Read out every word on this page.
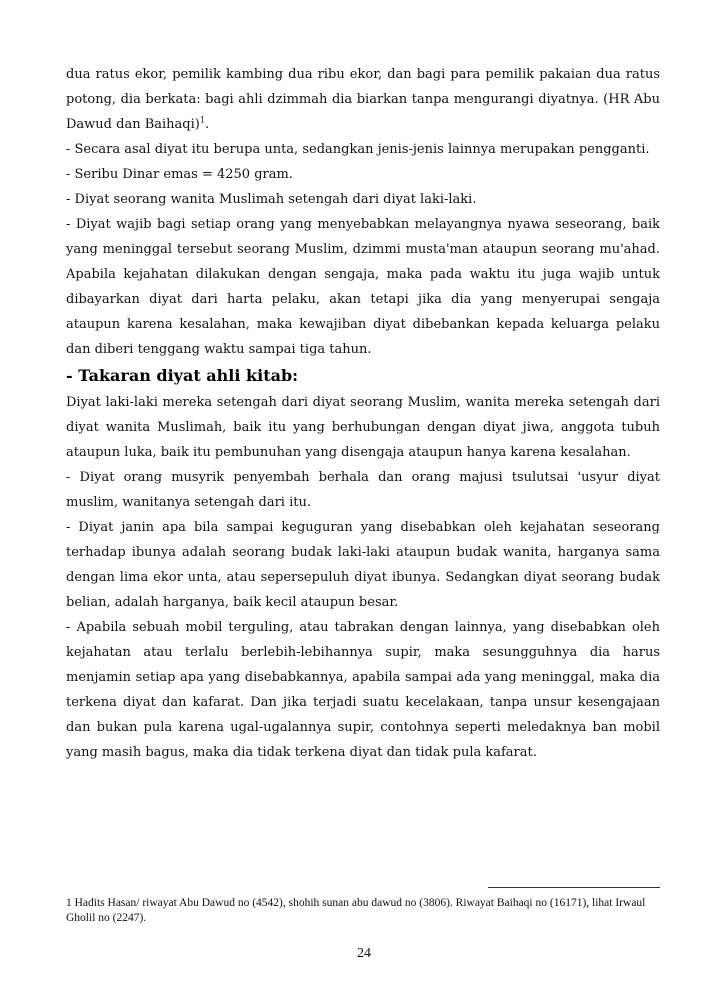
dua ratus ekor, pemilik kambing dua ribu ekor, dan bagi para pemilik pakaian dua ratus potong, dia berkata: bagi ahli dzimmah dia biarkan tanpa mengurangi diyatnya. (HR Abu Dawud dan Baihaqi)$^1$.

- Secara asal diyat itu berupa unta, sedangkan jenis-jenis lainnya merupakan pengganti.

- Seribu Dinar emas = 4250 gram.

- Diyat seorang wanita Muslimah setengah dari diyat laki-laki.

- Diyat wajib bagi setiap orang yang menyebabkan melayangnya nyawa seseorang, baik yang meninggal tersebut seorang Muslim, dzimmi musta'man ataupun seorang mu'ahad. Apabila kejahatan dilakukan dengan sengaja, maka pada waktu itu juga wajib untuk dibayarkan diyat dari harta pelaku, akan tetapi jika dia yang menyerupai sengaja ataupun karena kesalahan, maka kewajiban diyat dibebankan kepada keluarga pelaku dan diberi tenggang waktu sampai tiga tahun.

- Takaran diyat ahli kitab:

Diyat laki-laki mereka setengah dari diyat seorang Muslim, wanita mereka setengah dari diyat wanita Muslimah, baik itu yang berhubungan dengan diyat jiwa, anggota tubuh ataupun luka, baik itu pembunuhan yang disengaja ataupun hanya karena kesalahan.

- Diyat orang musyrik penyembah berhala dan orang majusi tsulutsai 'usyur diyat muslim, wanitanya setengah dari itu.

- Diyat janin apa bila sampai keguguran yang disebabkan oleh kejahatan seseorang terhadap ibunya adalah seorang budak laki-laki ataupun budak wanita, harganya sama dengan lima ekor unta, atau sepersepuluh diyat ibunya. Sedangkan diyat seorang budak belian, adalah harganya, baik kecil ataupun besar.

- Apabila sebuah mobil terguling, atau tabrakan dengan lainnya, yang disebabkan oleh kejahatan atau terlalu berlebih-lebihannya supir, maka sesungguhnya dia harus menjamin setiap apa yang disebabkannya, apabila sampai ada yang meninggal, maka dia terkena diyat dan kafarat. Dan jika terjadi suatu kecelakaan, tanpa unsur kesengajaan dan bukan pula karena ugal-ugalannya supir, contohnya seperti meledaknya ban mobil yang masih bagus, maka dia tidak terkena diyat dan tidak pula kafarat.

1 Hadits Hasan/ riwayat Abu Dawud no (4542), shohih sunan abu dawud no (3806). Riwayat Baihaqi no (16171), lihat Irwaul Gholil no (2247).
24
